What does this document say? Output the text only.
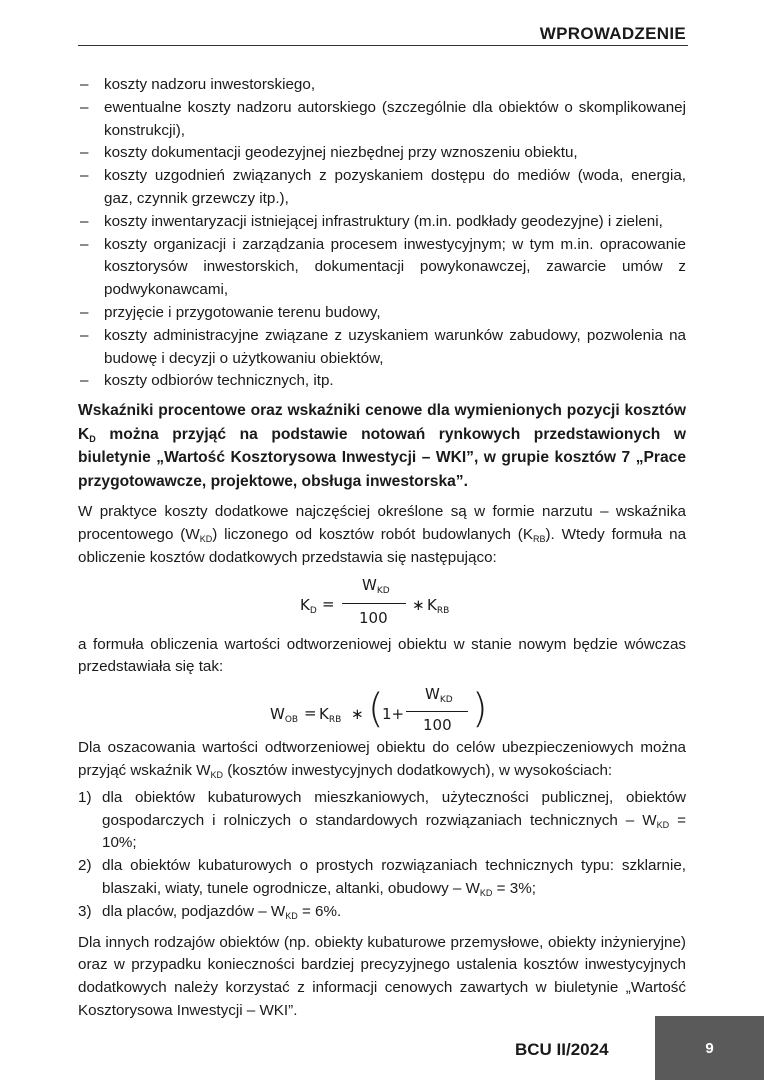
WPROWADZENIE
– koszty nadzoru inwestorskiego,
– ewentualne koszty nadzoru autorskiego (szczególnie dla obiektów o skomplikowanej konstrukcji),
– koszty dokumentacji geodezyjnej niezbędnej przy wznoszeniu obiektu,
– koszty uzgodnień związanych z pozyskaniem dostępu do mediów (woda, energia, gaz, czynnik grzewczy itp.),
– koszty inwentaryzacji istniejącej infrastruktury (m.in. podkłady geodezyjne) i zieleni,
– koszty organizacji i zarządzania procesem inwestycyjnym; w tym m.in. opracowanie kosztorysów inwestorskich, dokumentacji powykonawczej, zawarcie umów z podwykonawcami,
– przyjęcie i przygotowanie terenu budowy,
– koszty administracyjne związane z uzyskaniem warunków zabudowy, pozwolenia na budowę i decyzji o użytkowaniu obiektów,
– koszty odbiorów technicznych, itp.
Wskaźniki procentowe oraz wskaźniki cenowe dla wymienionych pozycji kosztów $K_D$ można przyjąć na podstawie notowań rynkowych przedstawionych w biuletynie „Wartość Kosztorysowa Inwestycji – WKI”, w grupie kosztów 7 „Prace przygotowawcze, projektowe, obsługa inwestorska”.

W praktyce koszty dodatkowe najczęściej określone są w formie narzutu – wskaźnika procentowego $(W_{KD})$ liczonego od kosztów robót budowlanych $(K_{RB})$. Wtedy formuła na obliczenie kosztów dodatkowych przedstawia się następująco:

$K_D$ =
$W_{KD}$
100
∗ $K_{RB}$

a formuła obliczenia wartości odtworzeniowej obiektu w stanie nowym będzie wówczas przedstawiała się tak:

$W_{OB} = K_{RB}$ ∗ (
1+
$W_{KD}$
100 )

Dla oszacowania wartości odtworzeniowej obiektu do celów ubezpieczeniowych można przyjąć wskaźnik $W_{KD}$ (kosztów inwestycyjnych dodatkowych), w wysokościach:

1) dla obiektów kubaturowych mieszkaniowych, użyteczności publicznej, obiektów gospodarczych i rolniczych o standardowych rozwiązaniach technicznych – $W_{KD} = 10\%$;
2) dla obiektów kubaturowych o prostych rozwiązaniach technicznych typu: szklarnie, blaszaki, wiaty, tunele ogrodnicze, altanki, obudowy – $W_{KD} = 3\%$;
3) dla placów, podjazdów – $W_{KD} = 6\%$.

Dla innych rodzajów obiektów (np. obiekty kubaturowe przemysłowe, obiekty inżynieryjne) oraz w przypadku konieczności bardziej precyzyjnego ustalenia kosztów inwestycyjnych dodatkowych należy korzystać z informacji cenowych zawartych w biuletynie „Wartość Kosztorysowa Inwestycji – WKI”.

BCU II/2024	9
